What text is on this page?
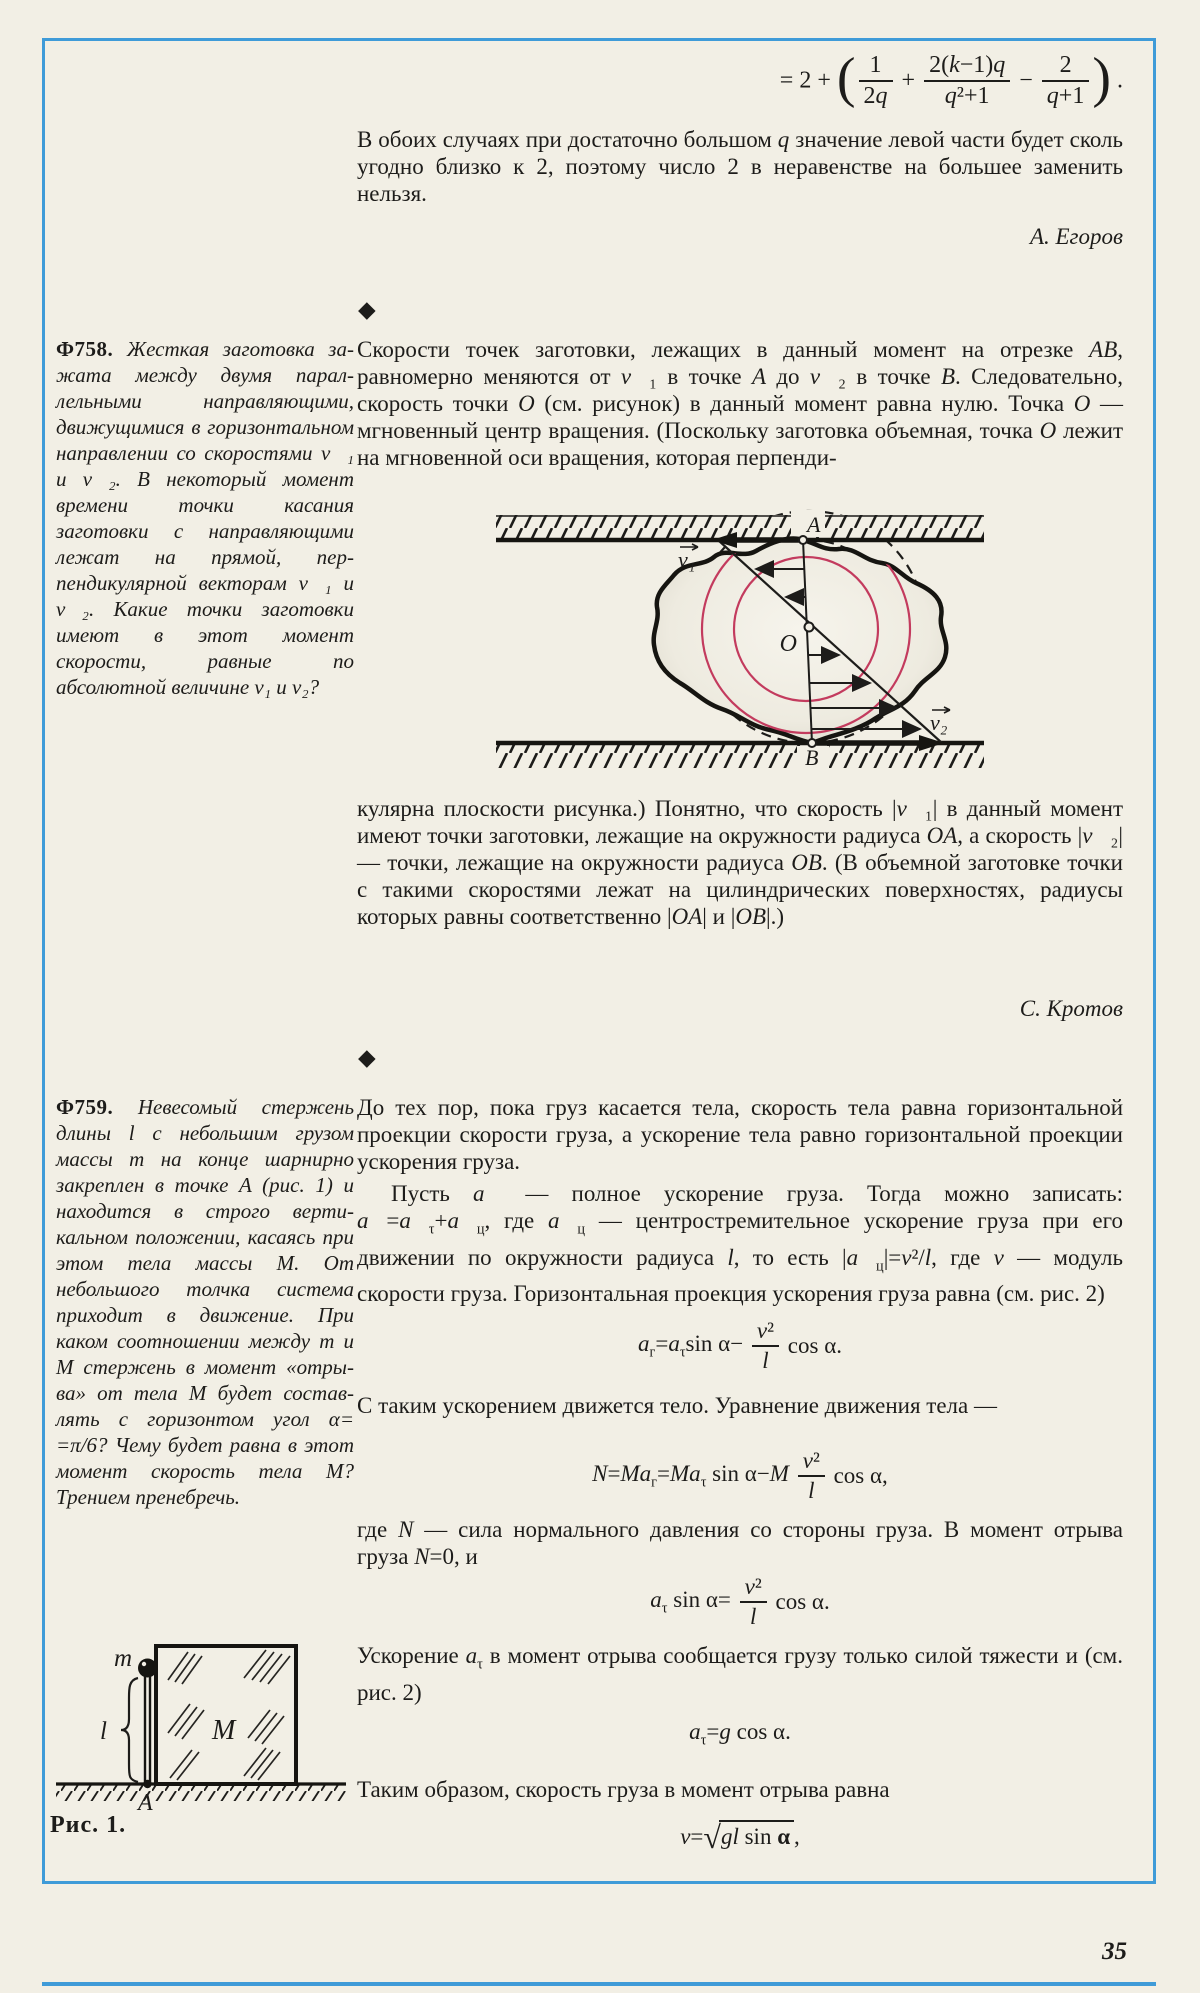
= 2 + ( $\frac{1}{2q} + \frac{2(k-1)q}{\text{q²+1}} - \frac{2}{q+1}$ ) .
В обоих случаях при достаточно большом q значение левой части будет сколь угодно близко к 2, поэтому число 2 в неравенстве на большее заменить нельзя.
А. Егоров
◆
Ф758. Жесткая заготовка зажата между двумя параллельными направляющими, движущимися в горизонтальном направлении со скоростями v⃗₁ и v⃗₂. В некоторый момент времени точки касания заготовки с направляющими лежат на прямой, перпендикулярной векторам v⃗₁ и v⃗₂. Какие точки заготовки имеют в этот момент скорости, равные по абсолютной величине v₁ и v₂?
Скорости точек заготовки, лежащих в данный момент на отрезке AB, равномерно меняются от v⃗₁ в точке A до v⃗₂ в точке B. Следовательно, скорость точки O (см. рисунок) в данный момент равна нулю. Точка O — мгновенный центр вращения. (Поскольку заготовка объемная, точка O лежит на мгновенной оси вращения, которая перпенди-
v₁
v₂
A
O
B
кулярна плоскости рисунка.) Понятно, что скорость |v⃗₁| в данный момент имеют точки заготовки, лежащие на окружности радиуса OA, а скорость |v⃗₂| — точки, лежащие на окружности радиуса OB. (В объемной заготовке точки с такими скоростями лежат на цилиндрических поверхностях, радиусы которых равны соответственно |OA| и |OB|.)
С. Кротов
◆
Ф759. Невесомый стержень длины l с небольшим грузом массы m на конце шарнирно закреплен в точке A (рис. 1) и находится в строго вертикальном положении, касаясь при этом тела массы M. От небольшого толчка система приходит в движение. При каком соотношении между m и M стержень в момент «отрыва» от тела M будет составлять с горизонтом угол α= =π/6? Чему будет равна в этот момент скорость тела M? Трением пренебречь.
До тех пор, пока груз касается тела, скорость тела равна горизонтальной проекции скорости груза, а ускорение тела равно горизонтальной проекции ускорения груза.
Пусть a⃗ — полное ускорение груза. Тогда можно записать: $a⃗=a⃗_\tau+a⃗_ц$, где $a⃗_ц$ — центростремительное ускорение груза при его движении по окружности радиуса l, то есть $|a⃗_ц|=v^2/l$, где v — модуль скорости груза. Горизонтальная проекция ускорения груза равна (см. рис. 2)
$a_г=a_\tau\sin$ $\alpha- \frac{\text{v²}}{l}$ cos α.
С таким ускорением движется тело. Уравнение движения тела —
$N=Ma_г=Ma_\tau$ $\sin \alpha-M \frac{\text{v²}}{l}$ cos α,
где N — сила нормального давления со стороны груза. В момент отрыва груза N=0, и
$a_\tau$ $\sin \alpha= \frac{\text{v²}}{l}$ cos α.
Ускорение $a_\tau$ в момент отрыва сообщается грузу только силой тяжести и (см. рис. 2)
$a_\tau=g$ cos α.
Таким образом, скорость груза в момент отрыва равна
v=√gl sin α ,
m
l	M
A
Рис. 1.
35
